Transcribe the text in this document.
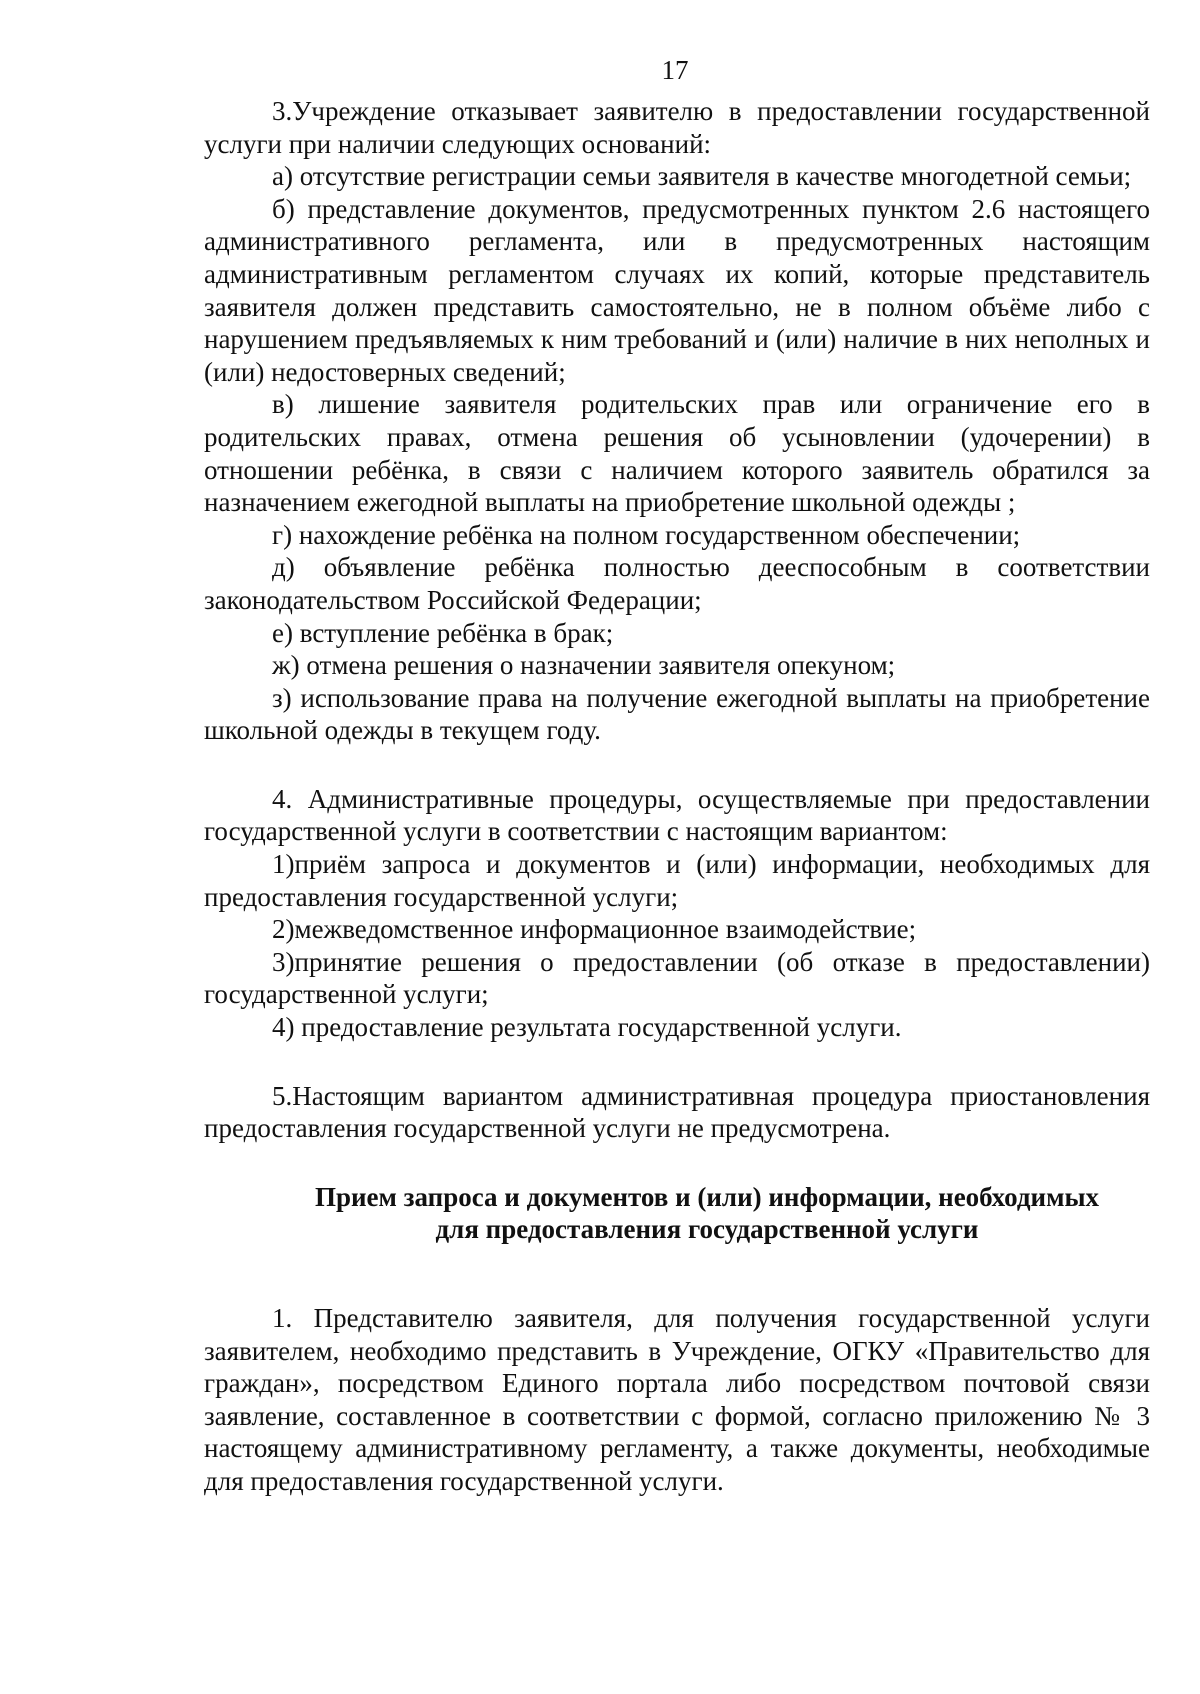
17

3.Учреждение отказывает заявителю в предоставлении государственной услуги при наличии следующих оснований:

а) отсутствие регистрации семьи заявителя в качестве многодетной семьи;

б) представление документов, предусмотренных пунктом 2.6 настоящего административного регламента, или в предусмотренных настоящим административным регламентом случаях их копий, которые представитель заявителя должен представить самостоятельно, не в полном объёме либо с нарушением предъявляемых к ним требований и (или) наличие в них неполных и (или) недостоверных сведений;

в) лишение заявителя родительских прав или ограничение его в родительских правах, отмена решения об усыновлении (удочерении) в отношении ребёнка, в связи с наличием которого заявитель обратился за назначением ежегодной выплаты на приобретение школьной одежды ;

г) нахождение ребёнка на полном государственном обеспечении;

д) объявление ребёнка полностью дееспособным в соответствии законодательством Российской Федерации;

е) вступление ребёнка в брак;

ж) отмена решения о назначении заявителя опекуном;

з) использование права на получение ежегодной выплаты на приобретение школьной одежды в текущем году.

4. Административные процедуры, осуществляемые при предоставлении государственной услуги в соответствии с настоящим вариантом:

1)приём запроса и документов и (или) информации, необходимых для предоставления государственной услуги;

2)межведомственное информационное взаимодействие;

3)принятие решения о предоставлении (об отказе в предоставлении) государственной услуги;

4) предоставление результата государственной услуги.

5.Настоящим вариантом административная процедура приостановления предоставления государственной услуги не предусмотрена.

Прием запроса и документов и (или) информации, необходимых
для предоставления государственной услуги

1. Представителю заявителя, для получения государственной услуги заявителем, необходимо представить в Учреждение, ОГКУ «Правительство для граждан», посредством Единого портала либо посредством почтовой связи заявление, составленное в соответствии с формой, согласно приложению № 3 настоящему административному регламенту, а также документы, необходимые для предоставления государственной услуги.
